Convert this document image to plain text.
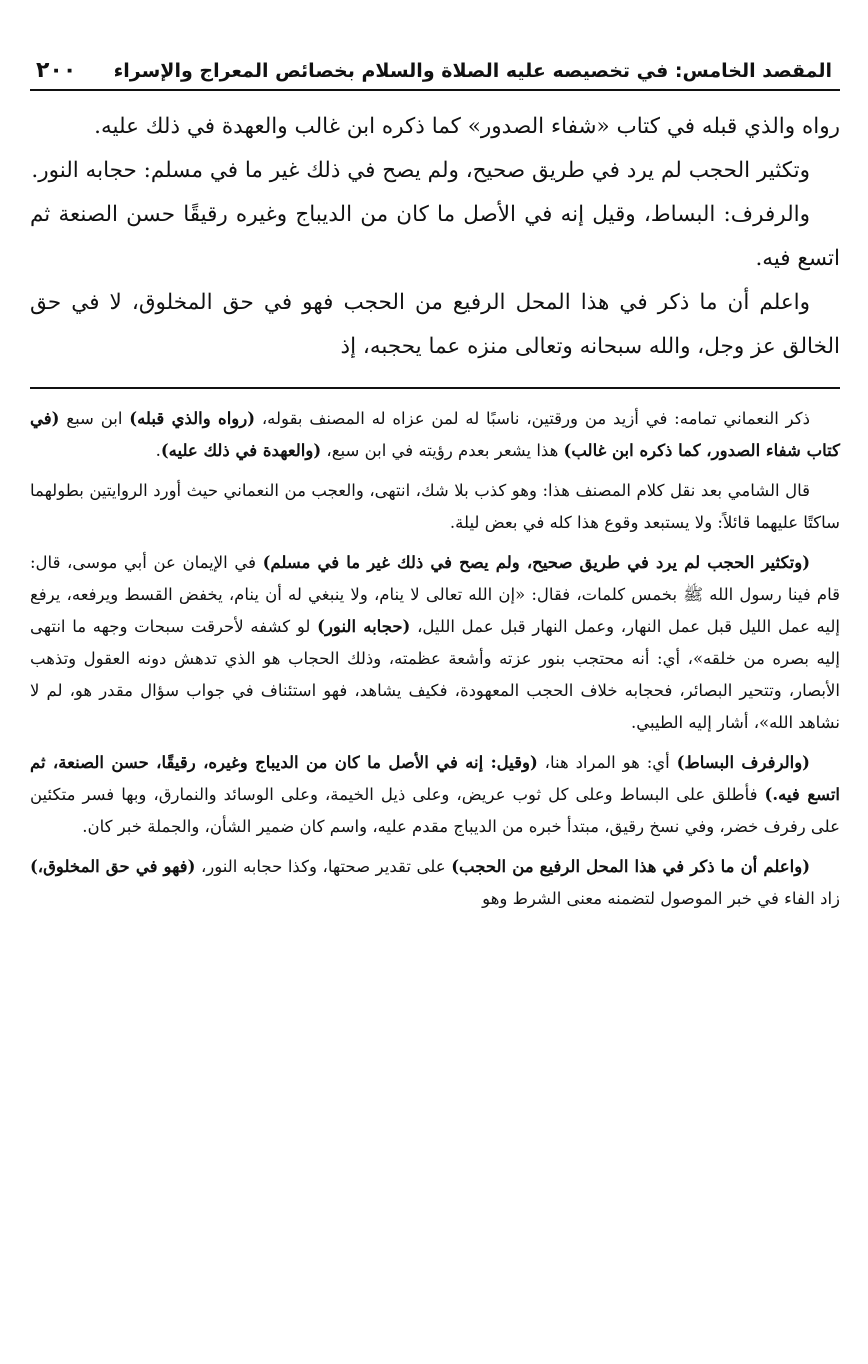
المقصد الخامس: في تخصيصه عليه الصلاة والسلام بخصائص المعراج والإسراء
٢٠٠

رواه والذي قبله في كتاب «شفاء الصدور» كما ذكره ابن غالب والعهدة في ذلك عليه.

وتكثير الحجب لم يرد في طريق صحيح، ولم يصح في ذلك غير ما في مسلم: حجابه النور.

والرفرف: البساط، وقيل إنه في الأصل ما كان من الديباج وغيره رقيقًا حسن الصنعة ثم اتسع فيه.

واعلم أن ما ذكر في هذا المحل الرفيع من الحجب فهو في حق المخلوق، لا في حق الخالق عز وجل، والله سبحانه وتعالى منزه عما يحجبه، إذ

ذكر النعماني تمامه: في أزيد من ورقتين، ناسبًا له لمن عزاه له المصنف بقوله، (رواه والذي قبله) ابن سبع (في كتاب شفاء الصدور، كما ذكره ابن غالب) هذا يشعر بعدم رؤيته في ابن سبع، (والعهدة في ذلك عليه).

قال الشامي بعد نقل كلام المصنف هذا: وهو كذب بلا شك، انتهى، والعجب من النعماني حيث أورد الروايتين بطولهما ساكتًا عليهما قائلاً: ولا يستبعد وقوع هذا كله في بعض ليلة.

(وتكثير الحجب لم يرد في طريق صحيح، ولم يصح في ذلك غير ما في مسلم) في الإيمان عن أبي موسى، قال: قام فينا رسول الله ﷺ بخمس كلمات، فقال: «إن الله تعالى لا ينام، ولا ينبغي له أن ينام، يخفض القسط ويرفعه، يرفع إليه عمل الليل قبل عمل النهار، وعمل النهار قبل عمل الليل، (حجابه النور) لو كشفه لأحرقت سبحات وجهه ما انتهى إليه بصره من خلقه»، أي: أنه محتجب بنور عزته وأشعة عظمته، وذلك الحجاب هو الذي تدهش دونه العقول وتذهب الأبصار، وتتحير البصائر، فحجابه خلاف الحجب المعهودة، فكيف يشاهد، فهو استئناف في جواب سؤال مقدر هو، لم لا نشاهد الله»، أشار إليه الطيبي.

(والرفرف البساط) أي: هو المراد هنا، (وقيل: إنه في الأصل ما كان من الديباج وغيره، رقيقًا، حسن الصنعة، ثم اتسع فيه.) فأطلق على البساط وعلى كل ثوب عريض، وعلى ذيل الخيمة، وعلى الوسائد والنمارق، وبها فسر متكئين على رفرف خضر، وفي نسخ رقيق، مبتدأ خبره من الديباج مقدم عليه، واسم كان ضمير الشأن، والجملة خبر كان.

(واعلم أن ما ذكر في هذا المحل الرفيع من الحجب) على تقدير صحتها، وكذا حجابه النور، (فهو في حق المخلوق،) زاد الفاء في خبر الموصول لتضمنه معنى الشرط وهو
